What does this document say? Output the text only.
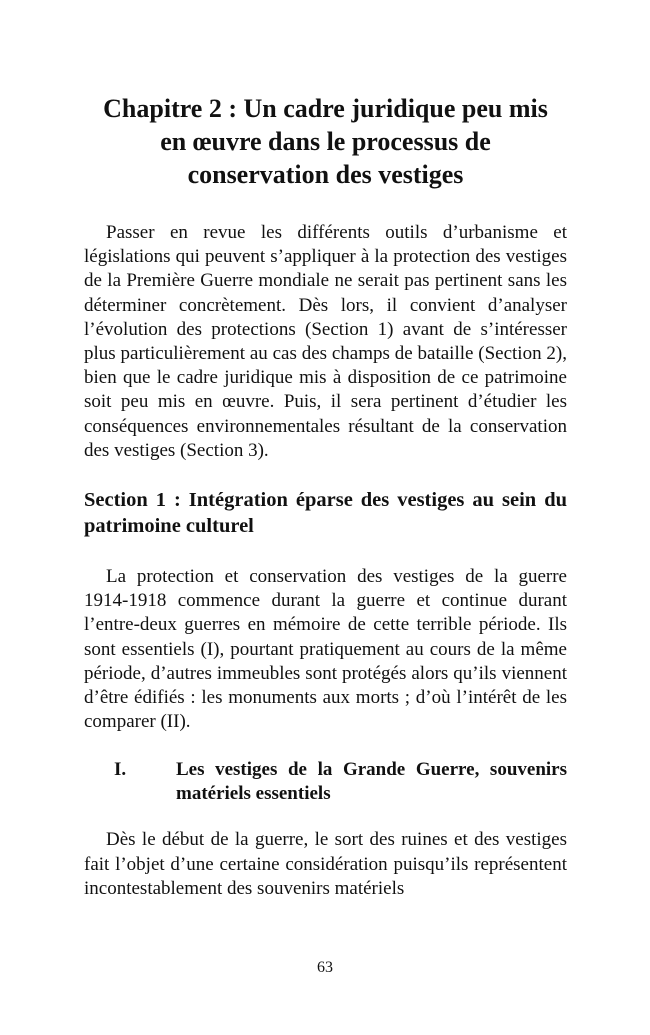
Chapitre 2 : Un cadre juridique peu mis
en œuvre dans le processus de
conservation des vestiges

Passer en revue les différents outils d’urbanisme et législations qui peuvent s’appliquer à la protection des vestiges de la Première Guerre mondiale ne serait pas pertinent sans les déterminer concrètement. Dès lors, il convient d’analyser l’évolution des protections (Section 1) avant de s’intéresser plus particulièrement au cas des champs de bataille (Section 2), bien que le cadre juridique mis à disposition de ce patrimoine soit peu mis en œuvre. Puis, il sera pertinent d’étudier les conséquences environnementales résultant de la conservation des vestiges (Section 3).

Section 1 : Intégration éparse des vestiges au sein du patrimoine culturel

La protection et conservation des vestiges de la guerre 1914-1918 commence durant la guerre et continue durant l’entre-deux guerres en mémoire de cette terrible période. Ils sont essentiels (I), pourtant pratiquement au cours de la même période, d’autres immeubles sont protégés alors qu’ils viennent d’être édifiés : les monuments aux morts ; d’où l’intérêt de les comparer (II).

I.	Les vestiges de la Grande Guerre, souvenirs matériels essentiels

Dès le début de la guerre, le sort des ruines et des vestiges fait l’objet d’une certaine considération puisqu’ils représentent incontestablement des souvenirs matériels

63
